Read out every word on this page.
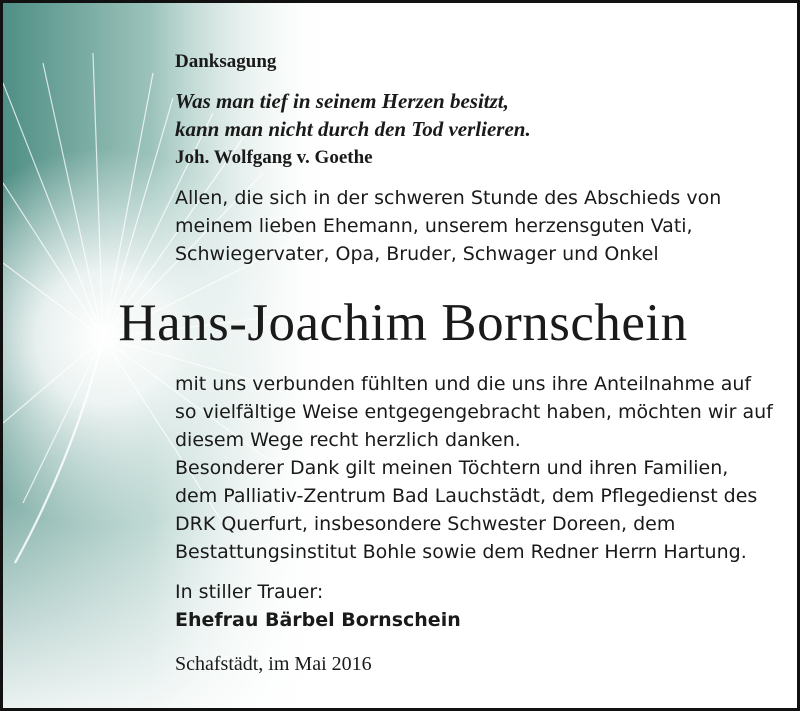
Danksagung
Was man tief in seinem Herzen besitzt,
kann man nicht durch den Tod verlieren.
Joh. Wolfgang v. Goethe
Allen, die sich in der schweren Stunde des Abschieds von
meinem lieben Ehemann, unserem herzensguten Vati,
Schwiegervater, Opa, Bruder, Schwager und Onkel
Hans-Joachim Bornschein
mit uns verbunden fühlten und die uns ihre Anteilnahme auf
so vielfältige Weise entgegengebracht haben, möchten wir auf
diesem Wege recht herzlich danken.
Besonderer Dank gilt meinen Töchtern und ihren Familien,
dem Palliativ-Zentrum Bad Lauchstädt, dem Pflegedienst des
DRK Querfurt, insbesondere Schwester Doreen, dem
Bestattungsinstitut Bohle sowie dem Redner Herrn Hartung.
In stiller Trauer:
Ehefrau Bärbel Bornschein
Schafstädt, im Mai 2016
